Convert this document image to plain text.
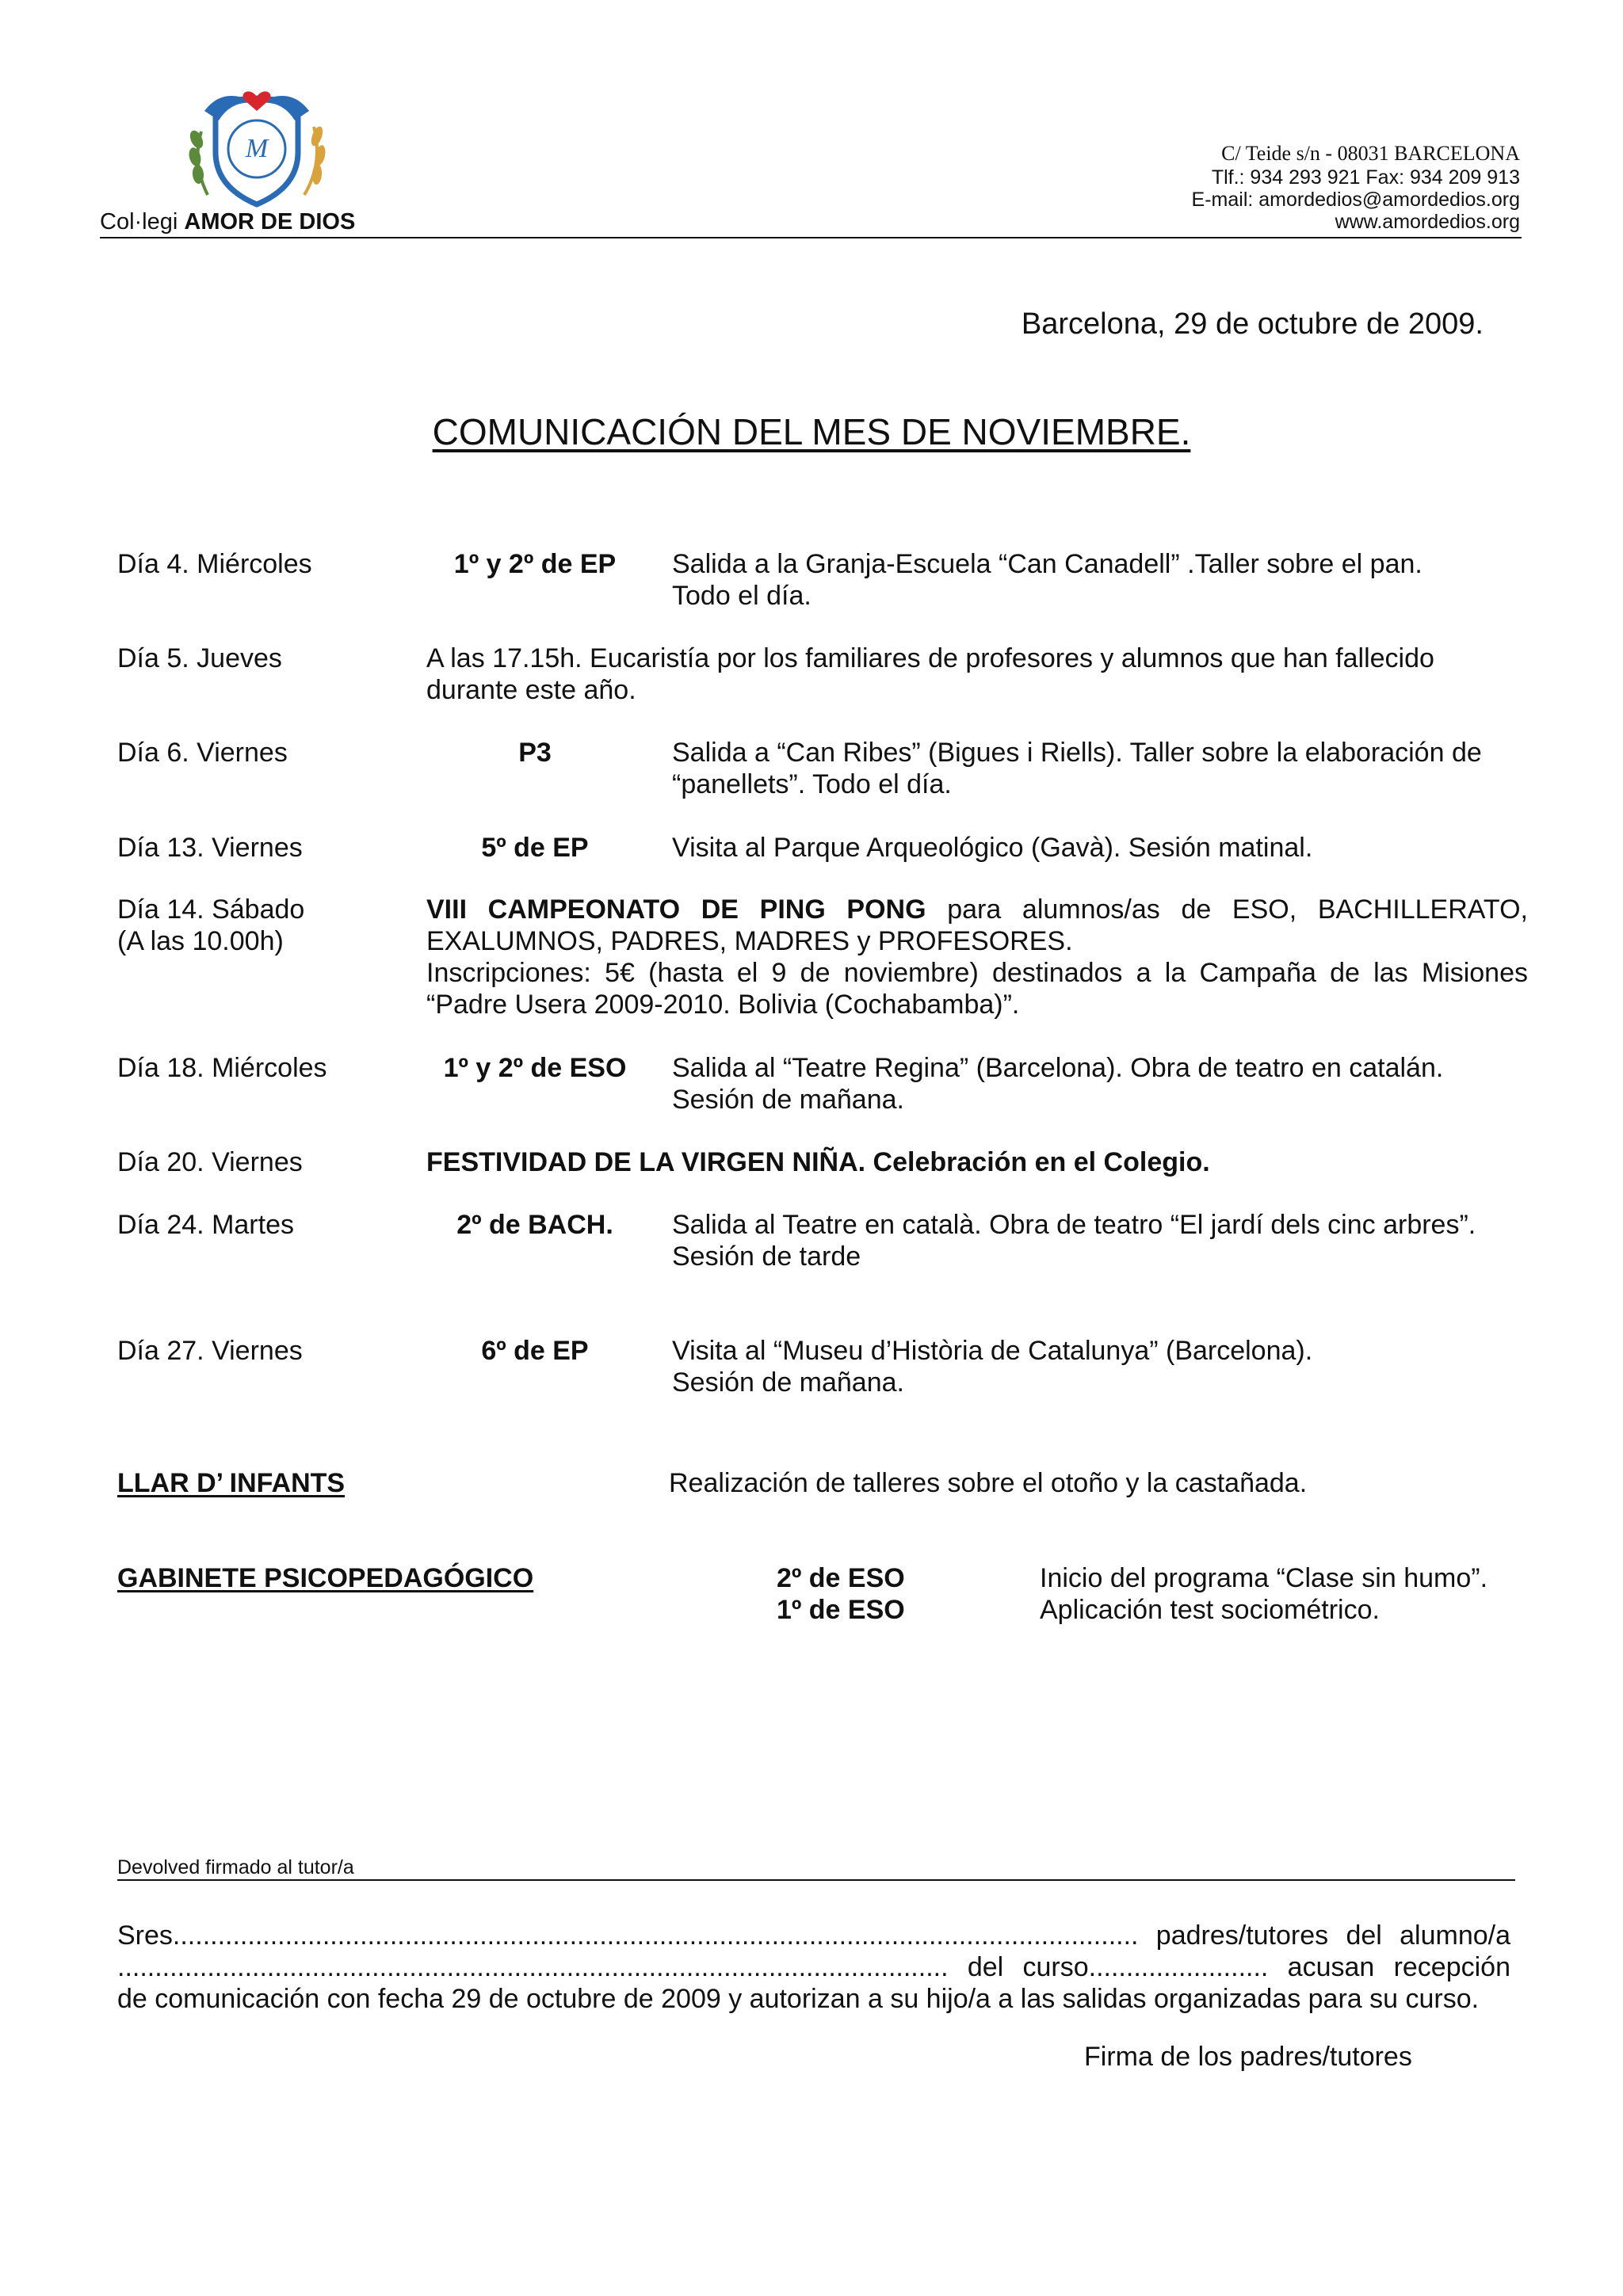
M
Col·legi AMOR DE DIOS
C/ Teide s/n - 08031 BARCELONA
Tlf.: 934 293 921 Fax: 934 209 913
E-mail: amordedios@amordedios.org
www.amordedios.org
Barcelona, 29 de octubre de 2009.
COMUNICACIÓN DEL MES DE NOVIEMBRE.
Día 4. Miércoles	1º y 2º de EP	Salida a la Granja-Escuela “Can Canadell” .Taller sobre el pan.

Todo el día.

Día 5. Jueves	A las 17.15h. Eucaristía por los familiares de profesores y alumnos que han fallecido

durante este año.

Día 6. Viernes	P3	Salida a “Can Ribes” (Bigues i Riells). Taller sobre la elaboración de

“panellets”. Todo el día.

Día 13. Viernes	5º de EP	Visita al Parque Arqueológico (Gavà). Sesión matinal.

Día 14. Sábado
(A las 10.00h)

VIII CAMPEONATO DE PING PONG para alumnos/as de ESO, BACHILLERATO, EXALUMNOS, PADRES, MADRES y PROFESORES.

Inscripciones: 5€ (hasta el 9 de noviembre) destinados a la Campaña de las Misiones “Padre Usera 2009-2010. Bolivia (Cochabamba)”.

Día 18. Miércoles	1º y 2º de ESO	Salida al “Teatre Regina” (Barcelona). Obra de teatro en catalán.

Sesión de mañana.

Día 20. Viernes	FESTIVIDAD DE LA VIRGEN NIÑA. Celebración en el Colegio.
Día 24. Martes	2º de BACH.	Salida al Teatre en català. Obra de teatro “El jardí dels cinc arbres”.

Sesión de tarde

Día 27. Viernes	6º de EP	Visita al “Museu d’Història de Catalunya” (Barcelona).

Sesión de mañana.

LLAR D’ INFANTS	Realización de talleres sobre el otoño y la castañada.
GABINETE PSICOPEDAGÓGICO	2º de ESO	Inicio del programa “Clase sin humo”.
1º de ESO	Aplicación test sociométrico.
Devolved firmado al tutor/a
Sres................................................................................................................................. padres/tutores del alumno/a
............................................................................................................... del curso........................ acusan recepción
de comunicación con fecha 29 de octubre de 2009 y autorizan a su hijo/a a las salidas organizadas para su curso.
Firma de los padres/tutores
